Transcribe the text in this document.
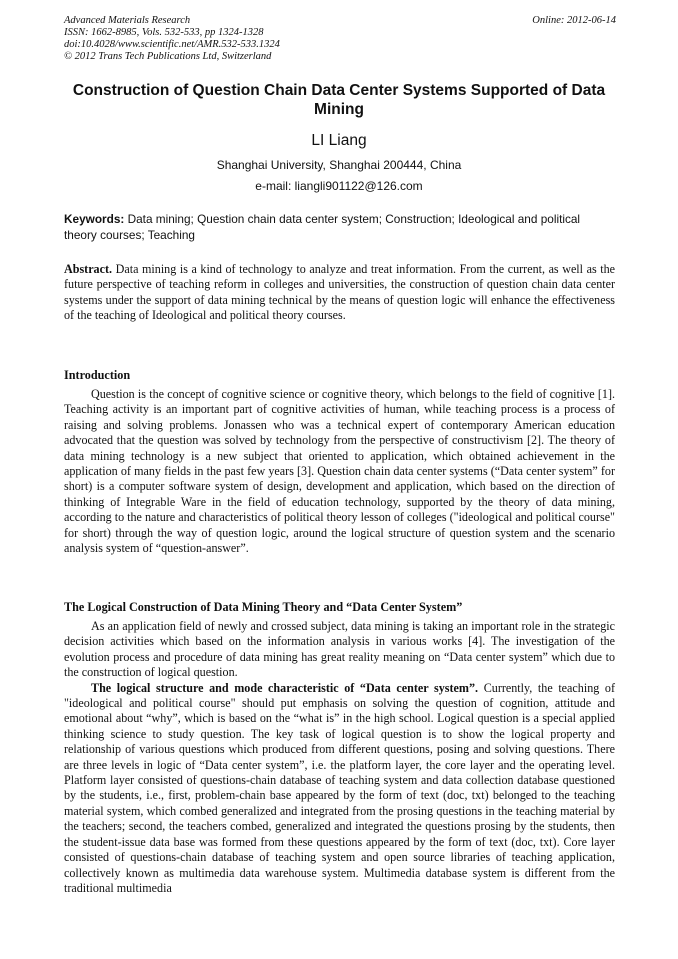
Advanced Materials Research
ISSN: 1662-8985, Vols. 532-533, pp 1324-1328
doi:10.4028/www.scientific.net/AMR.532-533.1324
© 2012 Trans Tech Publications Ltd, Switzerland
Online: 2012-06-14
Construction of Question Chain Data Center Systems Supported of Data Mining
LI Liang
Shanghai University, Shanghai 200444, China
e-mail: liangli901122@126.com
Keywords: Data mining; Question chain data center system; Construction; Ideological and political theory courses; Teaching

Abstract. Data mining is a kind of technology to analyze and treat information. From the current, as well as the future perspective of teaching reform in colleges and universities, the construction of question chain data center systems under the support of data mining technical by the means of question logic will enhance the effectiveness of the teaching of Ideological and political theory courses.

Introduction

Question is the concept of cognitive science or cognitive theory, which belongs to the field of cognitive [1]. Teaching activity is an important part of cognitive activities of human, while teaching process is a process of raising and solving problems. Jonassen who was a technical expert of contemporary American education advocated that the question was solved by technology from the perspective of constructivism [2]. The theory of data mining technology is a new subject that oriented to application, which obtained achievement in the application of many fields in the past few years [3]. Question chain data center systems (“Data center system” for short) is a computer software system of design, development and application, which based on the direction of thinking of Integrable Ware in the field of education technology, supported by the theory of data mining, according to the nature and characteristics of political theory lesson of colleges ("ideological and political course" for short) through the way of question logic, around the logical structure of question system and the scenario analysis system of “question-answer”.

The Logical Construction of Data Mining Theory and “Data Center System”

As an application field of newly and crossed subject, data mining is taking an important role in the strategic decision activities which based on the information analysis in various works [4]. The investigation of the evolution process and procedure of data mining has great reality meaning on “Data center system” which due to the construction of logical question.

The logical structure and mode characteristic of “Data center system”. Currently, the teaching of "ideological and political course" should put emphasis on solving the question of cognition, attitude and emotional about “why”, which is based on the “what is” in the high school. Logical question is a special applied thinking science to study question. The key task of logical question is to show the logical property and relationship of various questions which produced from different questions, posing and solving questions. There are three levels in logic of “Data center system”, i.e. the platform layer, the core layer and the operating level. Platform layer consisted of questions-chain database of teaching system and data collection database questioned by the students, i.e., first, problem-chain base appeared by the form of text (doc, txt) belonged to the teaching material system, which combed generalized and integrated from the prosing questions in the teaching material by the teachers; second, the teachers combed, generalized and integrated the questions prosing by the students, then the student-issue data base was formed from these questions appeared by the form of text (doc, txt). Core layer consisted of questions-chain database of teaching system and open source libraries of teaching application, collectively known as multimedia data warehouse system. Multimedia database system is different from the traditional multimedia
